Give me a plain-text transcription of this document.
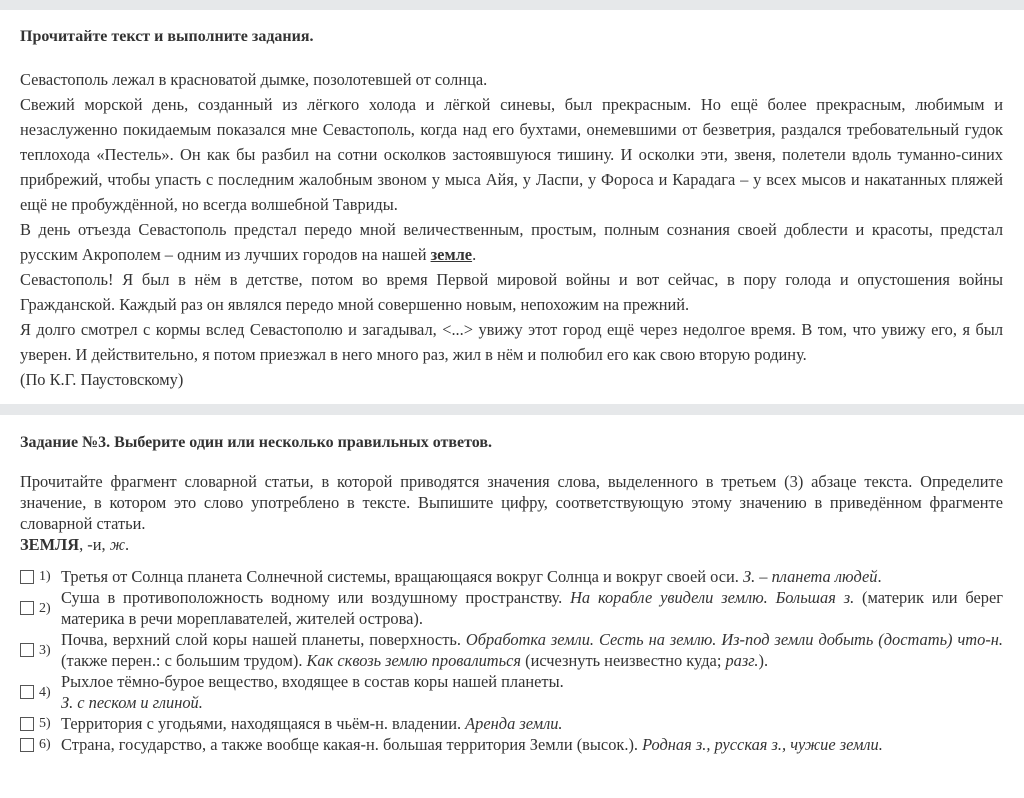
Прочитайте текст и выполните задания.

Севастополь лежал в красноватой дымке, позолотевшей от солнца.

Свежий морской день, созданный из лёгкого холода и лёгкой синевы, был прекрасным. Но ещё более прекрасным, любимым и незаслуженно покидаемым показался мне Севастополь, когда над его бухтами, онемевшими от безветрия, раздался требовательный гудок теплохода «Пестель». Он как бы разбил на сотни осколков застоявшуюся тишину. И осколки эти, звеня, полетели вдоль туманно-синих прибрежий, чтобы упасть с последним жалобным звоном у мыса Айя, у Ласпи, у Фороса и Карадага – у всех мысов и накатанных пляжей ещё не пробуждённой, но всегда волшебной Тавриды.

В день отъезда Севастополь предстал передо мной величественным, простым, полным сознания своей доблести и красоты, предстал русским Акрополем – одним из лучших городов на нашей земле.

Севастополь! Я был в нём в детстве, потом во время Первой мировой войны и вот сейчас, в пору голода и опустошения войны Гражданской. Каждый раз он являлся передо мной совершенно новым, непохожим на прежний.

Я долго смотрел с кормы вслед Севастополю и загадывал, <...> увижу этот город ещё через недолгое время. В том, что увижу его, я был уверен. И действительно, я потом приезжал в него много раз, жил в нём и полюбил его как свою вторую родину.

(По К.Г. Паустовскому)

Задание №3. Выберите один или несколько правильных ответов.
Прочитайте фрагмент словарной статьи, в которой приводятся значения слова, выделенного в третьем (3) абзаце текста. Определите значение, в котором это слово употреблено в тексте. Выпишите цифру, соответствующую этому значению в приведённом фрагменте словарной статьи.
ЗЕМЛЯ, -и, ж.
1) Третья от Солнца планета Солнечной системы, вращающаяся вокруг Солнца и вокруг своей оси. З. – планета людей.
2)
Суша в противоположность водному или воздушному пространству. На корабле увидели землю. Большая з. (материк или берег материка в речи мореплавателей, жителей острова).
3)
Почва, верхний слой коры нашей планеты, поверхность. Обработка земли. Сесть на землю. Из-под земли добыть (достать) что-н. (также перен.: с большим трудом). Как сквозь землю провалиться (исчезнуть неизвестно куда; разг.).
4)
Рыхлое тёмно-бурое вещество, входящее в состав коры нашей планеты.
З. с песком и глиной.
5) Территория с угодьями, находящаяся в чьём-н. владении. Аренда земли.
6) Страна, государство, а также вообще какая-н. большая территория Земли (высок.). Родная з., русская з., чужие земли.
